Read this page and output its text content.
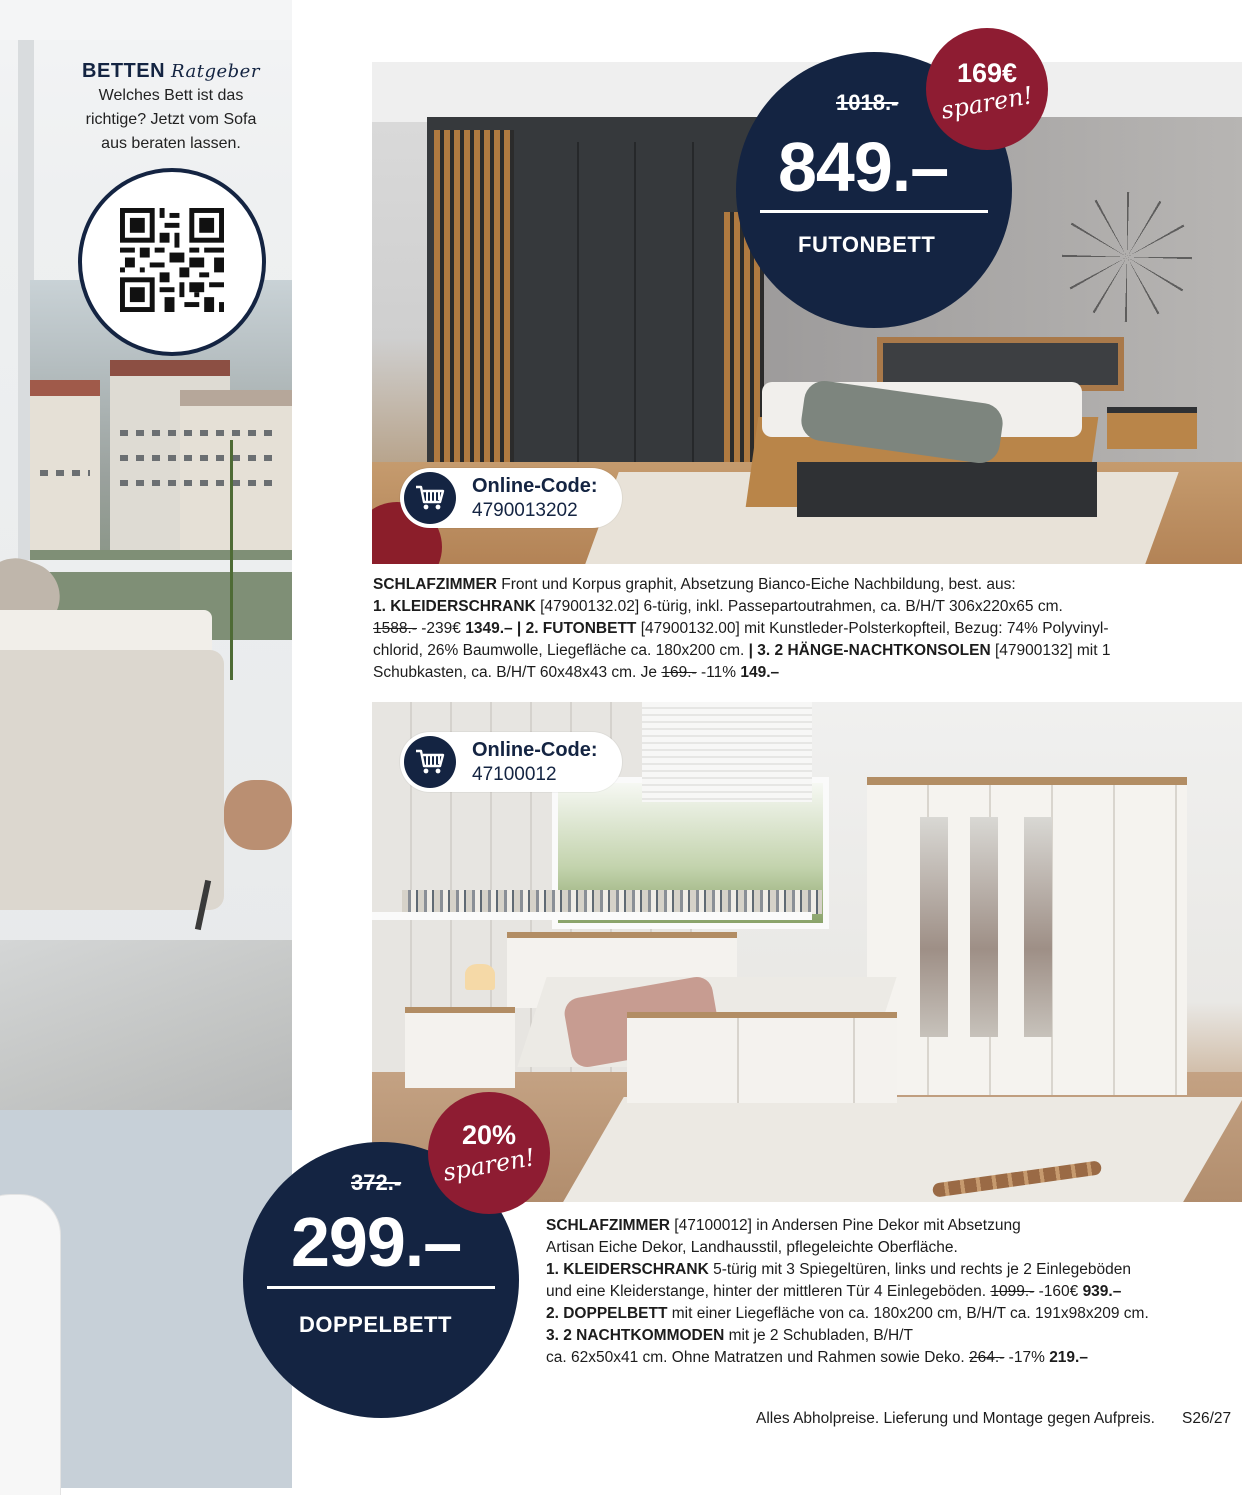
BETTEN Ratgeber
Welches Bett ist das
richtige? Jetzt vom Sofa
aus beraten lassen.
Online-Code:
4790013202
1018.-
849.–
FUTONBETT
169€
sparen!
SCHLAFZIMMER Front und Korpus graphit, Absetzung Bianco-Eiche Nachbildung, best. aus:
1. KLEIDERSCHRANK [47900132.02] 6-türig, inkl. Passepartoutrahmen, ca. B/H/T 306x220x65 cm.
1588.- -239€ 1349.– | 2. FUTONBETT [47900132.00] mit Kunstleder-Polsterkopfteil, Bezug: 74% Polyvinyl-
chlorid, 26% Baumwolle, Liegefläche ca. 180x200 cm. | 3. 2 HÄNGE-NACHTKONSOLEN [47900132] mit 1
Schubkasten, ca. B/H/T 60x48x43 cm. Je 169.- -11% 149.–
Online-Code:
47100012
372.-
299.–
DOPPELBETT
20%
sparen!
SCHLAFZIMMER [47100012] in Andersen Pine Dekor mit Absetzung
Artisan Eiche Dekor, Landhausstil, pflegeleichte Oberfläche.
1. KLEIDERSCHRANK 5-türig mit 3 Spiegeltüren, links und rechts je 2 Einlegeböden
und eine Kleiderstange, hinter der mittleren Tür 4 Einlegeböden. 1099.- -160€ 939.–
2. DOPPELBETT mit einer Liegefläche von ca. 180x200 cm, B/H/T ca. 191x98x209 cm.
3. 2 NACHTKOMMODEN mit je 2 Schubladen, B/H/T
ca. 62x50x41 cm. Ohne Matratzen und Rahmen sowie Deko. 264.- -17% 219.–
Alles Abholpreise. Lieferung und Montage gegen Aufpreis. S26/27
